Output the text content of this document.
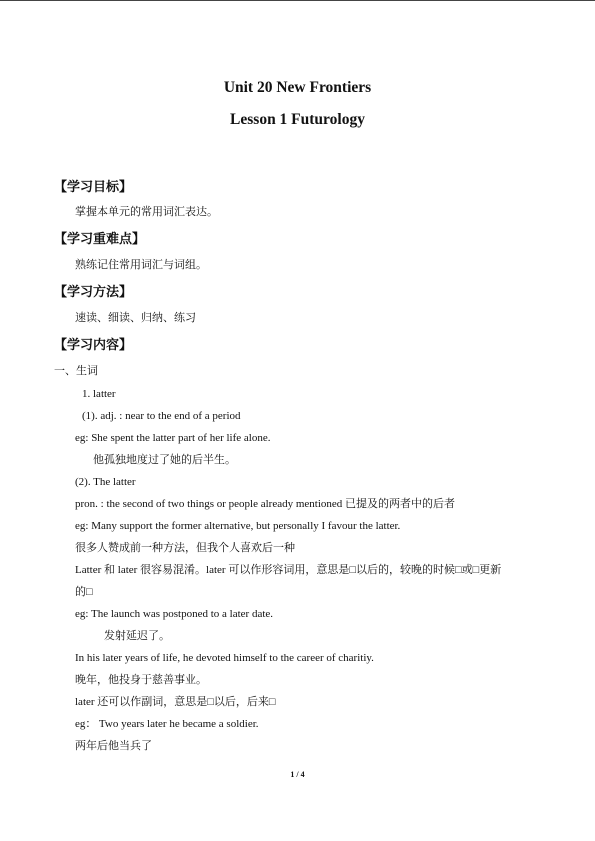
Unit 20 New Frontiers
Lesson 1 Futurology

【学习目标】

掌握本单元的常用词汇表达。

【学习重难点】

熟练记住常用词汇与词组。

【学习方法】

速读、细读、归纳、练习

【学习内容】

一、生词

1. latter

(1). adj. : near to the end of a period

eg: She spent the latter part of her life alone.

他孤独地度过了她的后半生。

(2). The latter

pron. : the second of two things or people already mentioned 已提及的两者中的后者

eg: Many support the former alternative, but personally I favour the latter.

很多人赞成前一种方法，但我个人喜欢后一种

Latter 和 later 很容易混淆。later 可以作形容词用，意思是□以后的，较晚的时候□或□更新

的□

eg: The launch was postponed to a later date.

发射延迟了。

In his later years of life, he devoted himself to the career of charitiy.

晚年，他投身于慈善事业。

later 还可以作副词，意思是□以后，后来□

eg： Two years later he became a soldier.

两年后他当兵了

1 / 4
